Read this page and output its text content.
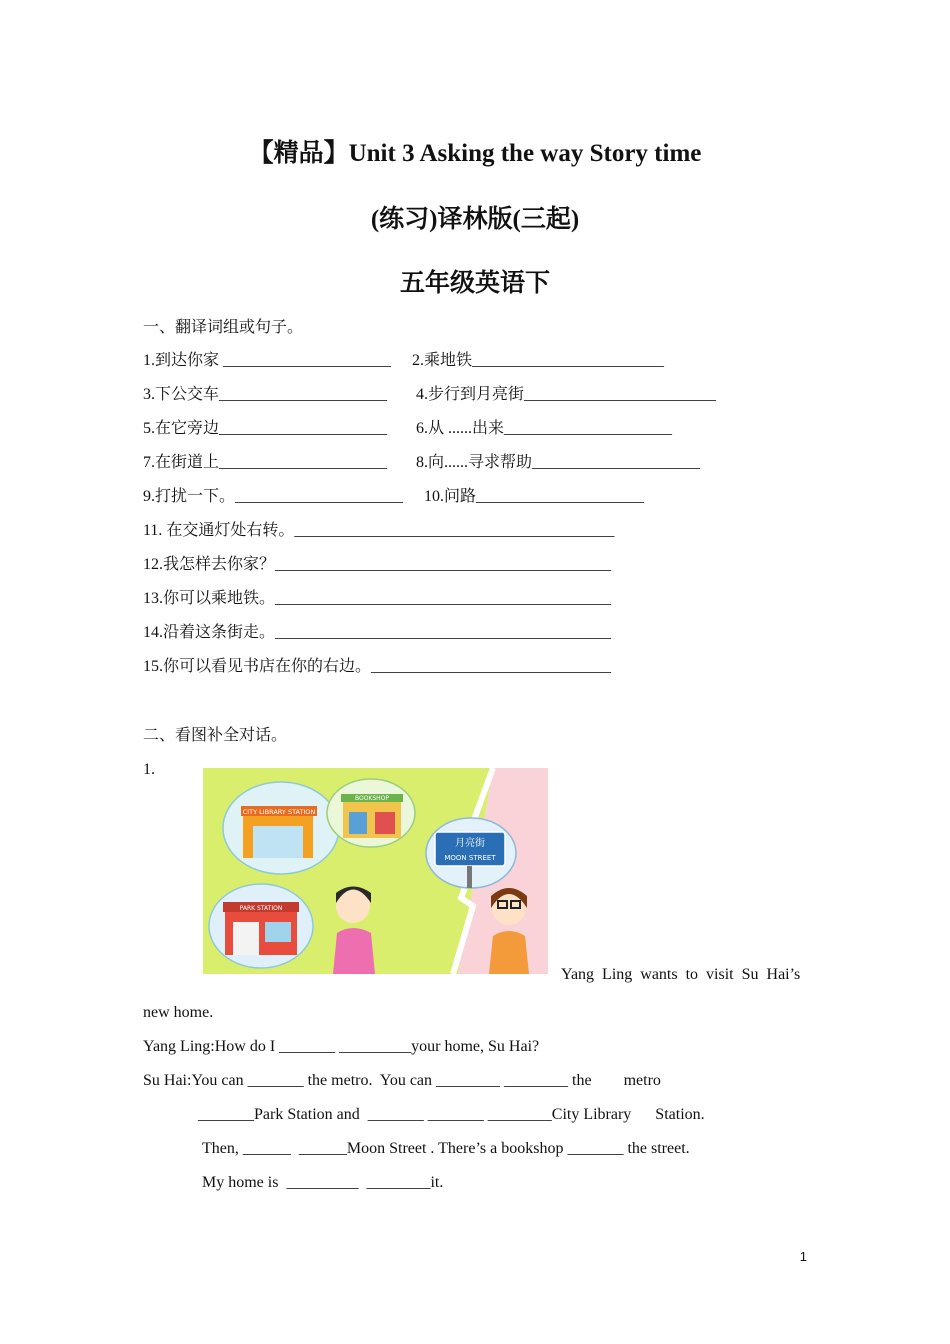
【精品】Unit 3 Asking the way Story time
(练习)译林版(三起)
五年级英语下
一、翻译词组或句子。
1.到达你家 _____________________ 2.乘地铁________________________
3.下公交车_____________________ 4.步行到月亮街________________________
5.在它旁边_____________________ 6.从 ......出来_____________________
7.在街道上_____________________ 8.向......寻求帮助_____________________
9.打扰一下。_____________________ 10.问路_____________________
11. 在交通灯处右转。________________________________________
12.我怎样去你家？__________________________________________
13.你可以乘地铁。__________________________________________
14.沿着这条街走。__________________________________________
15.你可以看见书店在你的右边。______________________________
二、看图补全对话。
1.
CITY LIBRARY STATION
BOOKSHOP
月亮街
MOON STREET
PARK STATION
Yang  Ling  wants  to  visit  Su  Hai’s
new home.
Yang Ling:How do I _______ _________your home, Su Hai?
Su Hai:You can _______ the metro.  You can ________ ________ the        metro
_______Park Station and  _______ _______ ________City Library      Station.
Then, ______  ______Moon Street . There’s a bookshop _______ the street.
My home is  _________  ________it.
1
